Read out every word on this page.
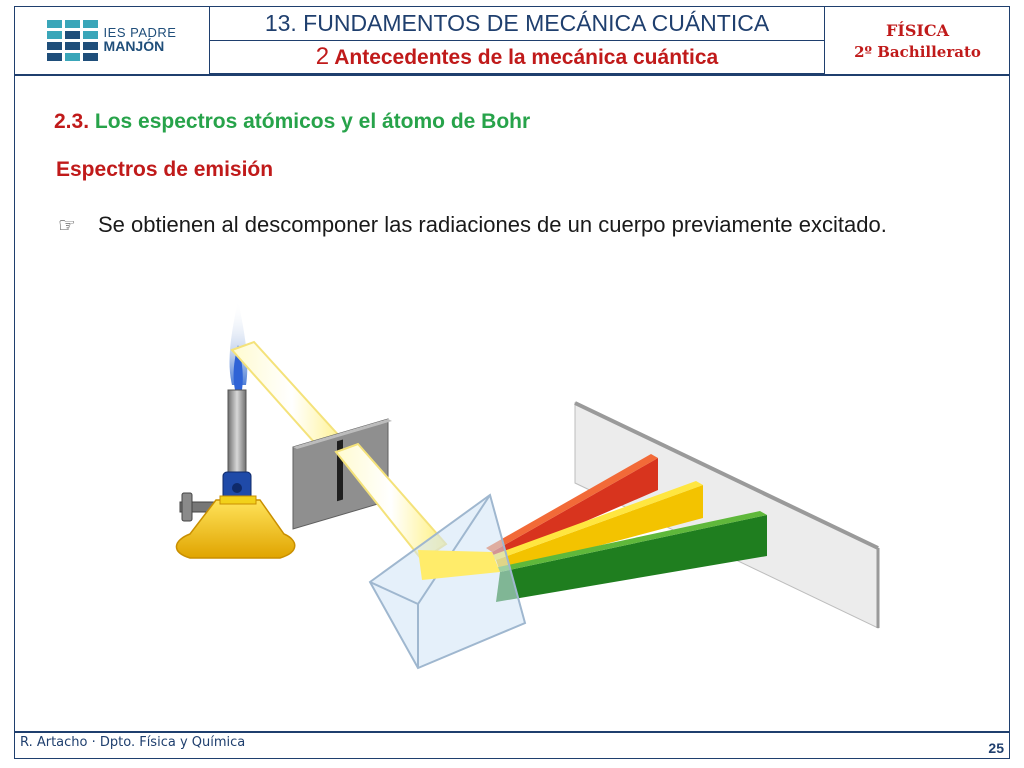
IES PADRE
MANJÓN
13. FUNDAMENTOS DE MECÁNICA CUÁNTICA
2 Antecedentes de la mecánica cuántica
FÍSICA
2º Bachillerato
2.3. Los espectros atómicos y el átomo de Bohr
Espectros de emisión
☞	Se obtienen al descomponer las radiaciones de un cuerpo previamente excitado.
R. Artacho · Dpto. Física y Química	25
